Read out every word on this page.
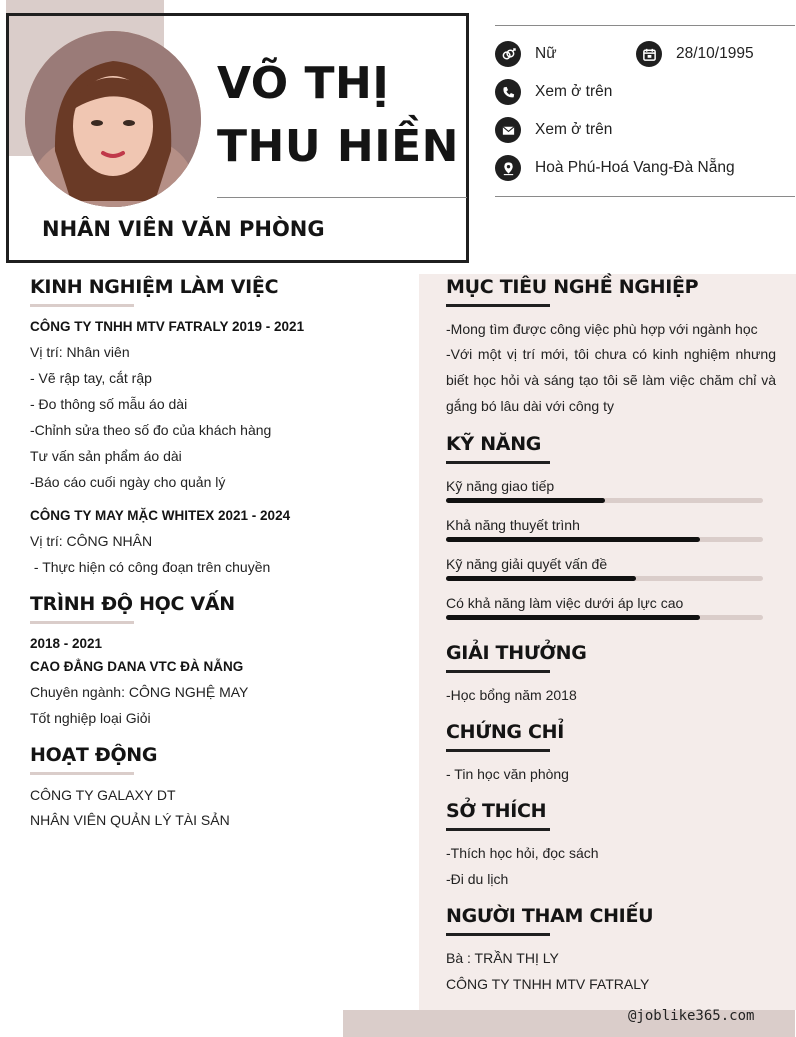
VÕ THỊ
THU HIỀN
NHÂN VIÊN VĂN PHÒNG
Nữ	28/10/1995
Xem ở trên
Xem ở trên
Hoà Phú-Hoá Vang-Đà Nẵng
KINH NGHIỆM LÀM VIỆC
CÔNG TY TNHH MTV FATRALY 2019 - 2021
Vị trí: Nhân viên
- Vẽ rập tay, cắt rập
- Đo thông số mẫu áo dài
-Chỉnh sửa theo số đo của khách hàng
Tư vấn sản phẩm áo dài
-Báo cáo cuối ngày cho quản lý
CÔNG TY MAY MẶC WHITEX 2021 - 2024
Vị trí: CÔNG NHÂN
- Thực hiện có công đoạn trên chuyền
TRÌNH ĐỘ HỌC VẤN
2018 - 2021
CAO ĐẲNG DANA VTC ĐÀ NẴNG
Chuyên ngành: CÔNG NGHỆ MAY
Tốt nghiệp loại Giỏi
HOẠT ĐỘNG
CÔNG TY GALAXY DT
NHÂN VIÊN QUẢN LÝ TÀI SẢN
MỤC TIÊU NGHỀ NGHIỆP
-Mong tìm được công việc phù hợp với ngành học
-Với một vị trí mới, tôi chưa có kinh nghiệm nhưng biết học hỏi và sáng tạo tôi sẽ làm việc chăm chỉ và gắng bó lâu dài với công ty
KỸ NĂNG
Kỹ năng giao tiếp
Khả năng thuyết trình
Kỹ năng giải quyết vấn đề
Có khả năng làm việc dưới áp lực cao
GIẢI THƯỞNG
-Học bổng năm 2018
CHỨNG CHỈ
- Tin học văn phòng
SỞ THÍCH
-Thích học hỏi, đọc sách
-Đi du lịch
NGƯỜI THAM CHIẾU
Bà : TRẦN THỊ LY
CÔNG TY TNHH MTV FATRALY
@joblike365.com
